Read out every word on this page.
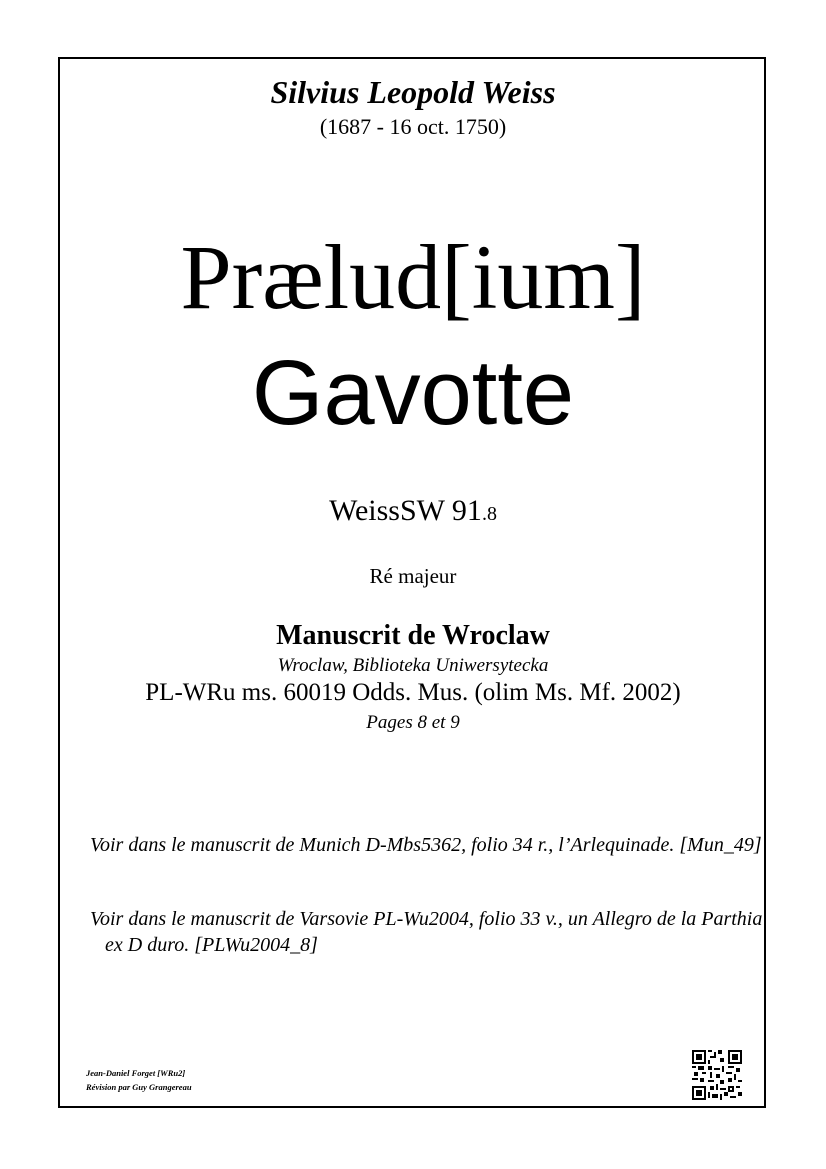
Silvius Leopold Weiss
(1687 - 16 oct. 1750)
Prælud[ium]
Gavotte
WeissSW 91.8
Ré majeur
Manuscrit de Wroclaw
Wroclaw, Biblioteka Uniwersytecka
PL-WRu ms. 60019 Odds. Mus. (olim Ms. Mf. 2002)
Pages 8 et 9
Voir dans le manuscrit de Munich D-Mbs5362, folio 34 r., l’Arlequinade. [Mun_49]
Voir dans le manuscrit de Varsovie PL-Wu2004, folio 33 v., un Allegro de la Parthia ex D duro. [PLWu2004_8]
Jean-Daniel Forget [WRu2]
Révision par Guy Grangereau
